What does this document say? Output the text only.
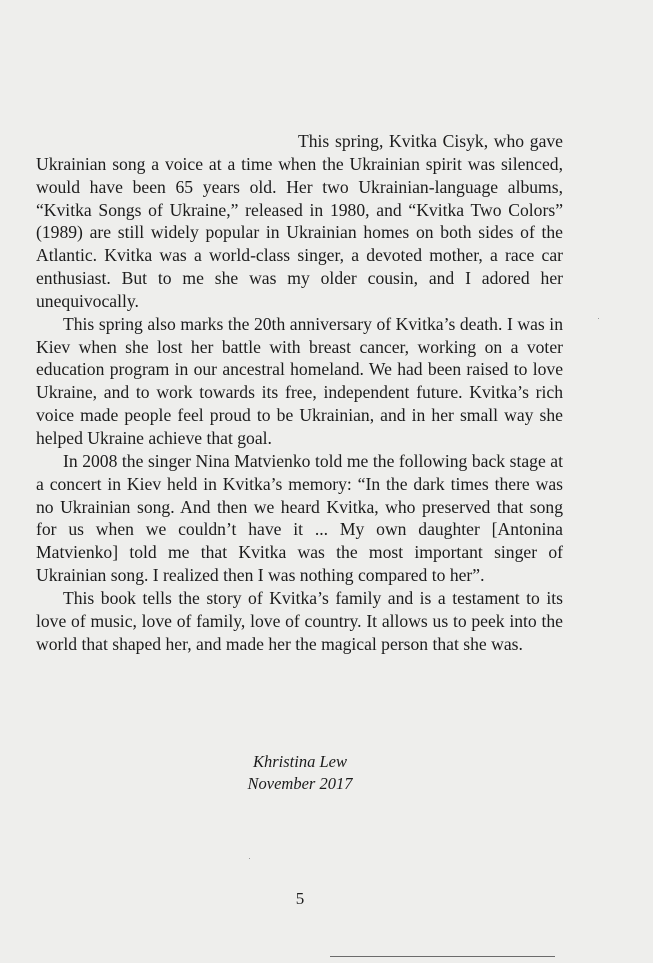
This spring, Kvitka Cisyk, who gave Ukrainian song a voice at a time when the Ukrainian spirit was silenced, would have been 65 years old. Her two Ukrainian-language albums, “Kvitka Songs of Ukraine,” released in 1980, and “Kvitka Two Colors” (1989) are still widely popular in Ukrainian homes on both sides of the Atlantic. Kvitka was a world-class singer, a devoted mother, a race car enthusiast. But to me she was my older cousin, and I adored her unequivocally.

This spring also marks the 20th anniversary of Kvitka’s death. I was in Kiev when she lost her battle with breast cancer, working on a voter education program in our ancestral homeland. We had been raised to love Ukraine, and to work towards its free, independent future. Kvitka’s rich voice made people feel proud to be Ukrainian, and in her small way she helped Ukraine achieve that goal.

In 2008 the singer Nina Matvienko told me the following back stage at a concert in Kiev held in Kvitka’s memory: “In the dark times there was no Ukrainian song. And then we heard Kvitka, who preserved that song for us when we couldn’t have it ... My own daughter [Antonina Matvienko] told me that Kvitka was the most important singer of Ukrainian song. I realized then I was nothing compared to her”.

This book tells the story of Kvitka’s family and is a testament to its love of music, love of family, love of country. It allows us to peek into the world that shaped her, and made her the magical person that she was.

Khristina Lew
November 2017
5
